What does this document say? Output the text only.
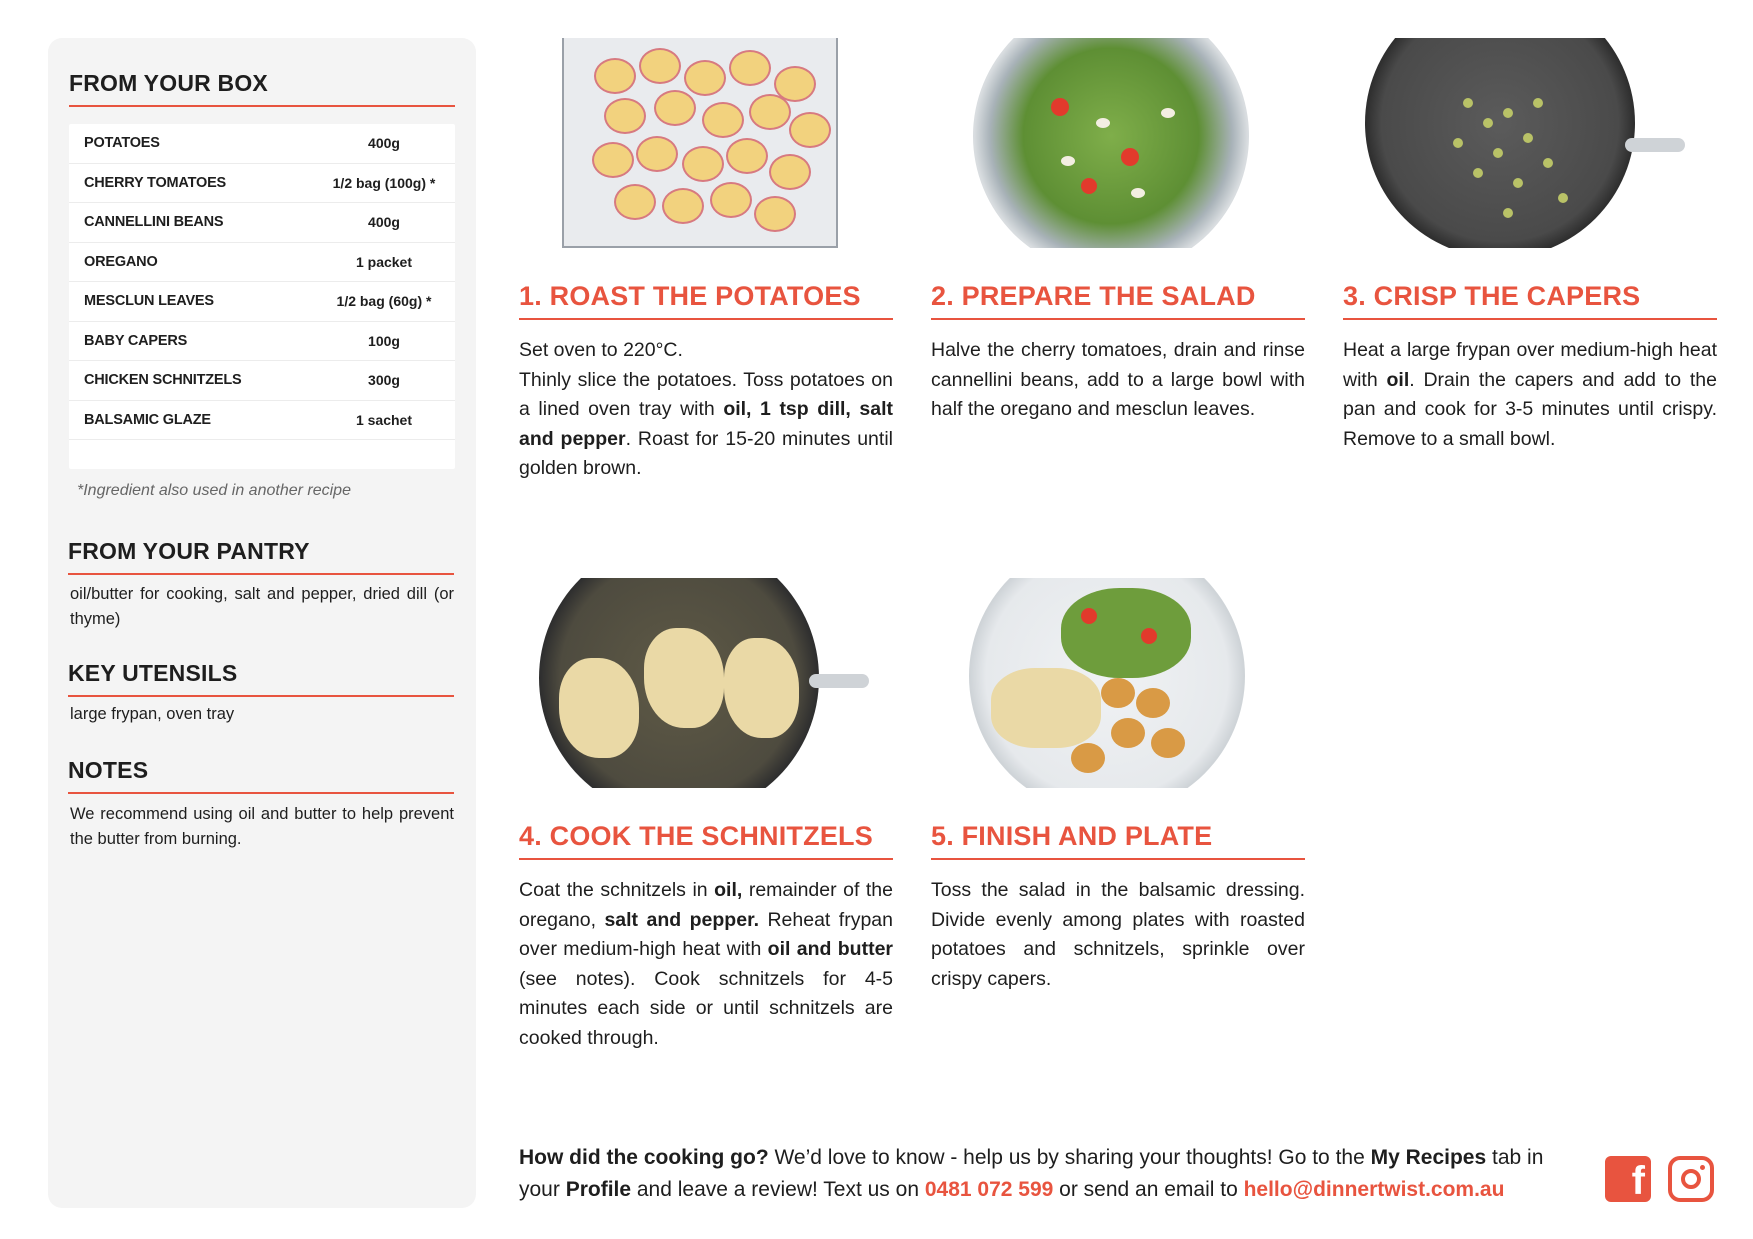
FROM YOUR BOX
POTATOES	400g
CHERRY TOMATOES	1/2 bag (100g) *
CANNELLINI BEANS	400g
OREGANO	1 packet
MESCLUN LEAVES	1/2 bag (60g) *
BABY CAPERS	100g
CHICKEN SCHNITZELS	300g
BALSAMIC GLAZE	1 sachet
*Ingredient also used in another recipe
FROM YOUR PANTRY
oil/butter for cooking, salt and pepper, dried dill (or thyme)
KEY UTENSILS
large frypan, oven tray
NOTES
We recommend using oil and butter to help prevent the butter from burning.
1. ROAST THE POTATOES
Set oven to 220°C.
Thinly slice the potatoes. Toss potatoes on a lined oven tray with oil, 1 tsp dill, salt and pepper. Roast for 15-20 minutes until golden brown.
2. PREPARE THE SALAD
Halve the cherry tomatoes, drain and rinse cannellini beans, add to a large bowl with half the oregano and mesclun leaves.
3. CRISP THE CAPERS
Heat a large frypan over medium-high heat with oil. Drain the capers and add to the pan and cook for 3-5 minutes until crispy. Remove to a small bowl.
4. COOK THE SCHNITZELS
Coat the schnitzels in oil, remainder of the oregano, salt and pepper. Reheat frypan over medium-high heat with oil and butter (see notes). Cook schnitzels for 4-5 minutes each side or until schnitzels are cooked through.
5. FINISH AND PLATE
Toss the salad in the balsamic dressing. Divide evenly among plates with roasted potatoes and schnitzels, sprinkle over crispy capers.
How did the cooking go? We’d love to know - help us by sharing your thoughts! Go to the My Recipes tab in your Profile and leave a review! Text us on 0481 072 599 or send an email to hello@dinnertwist.com.au	f
